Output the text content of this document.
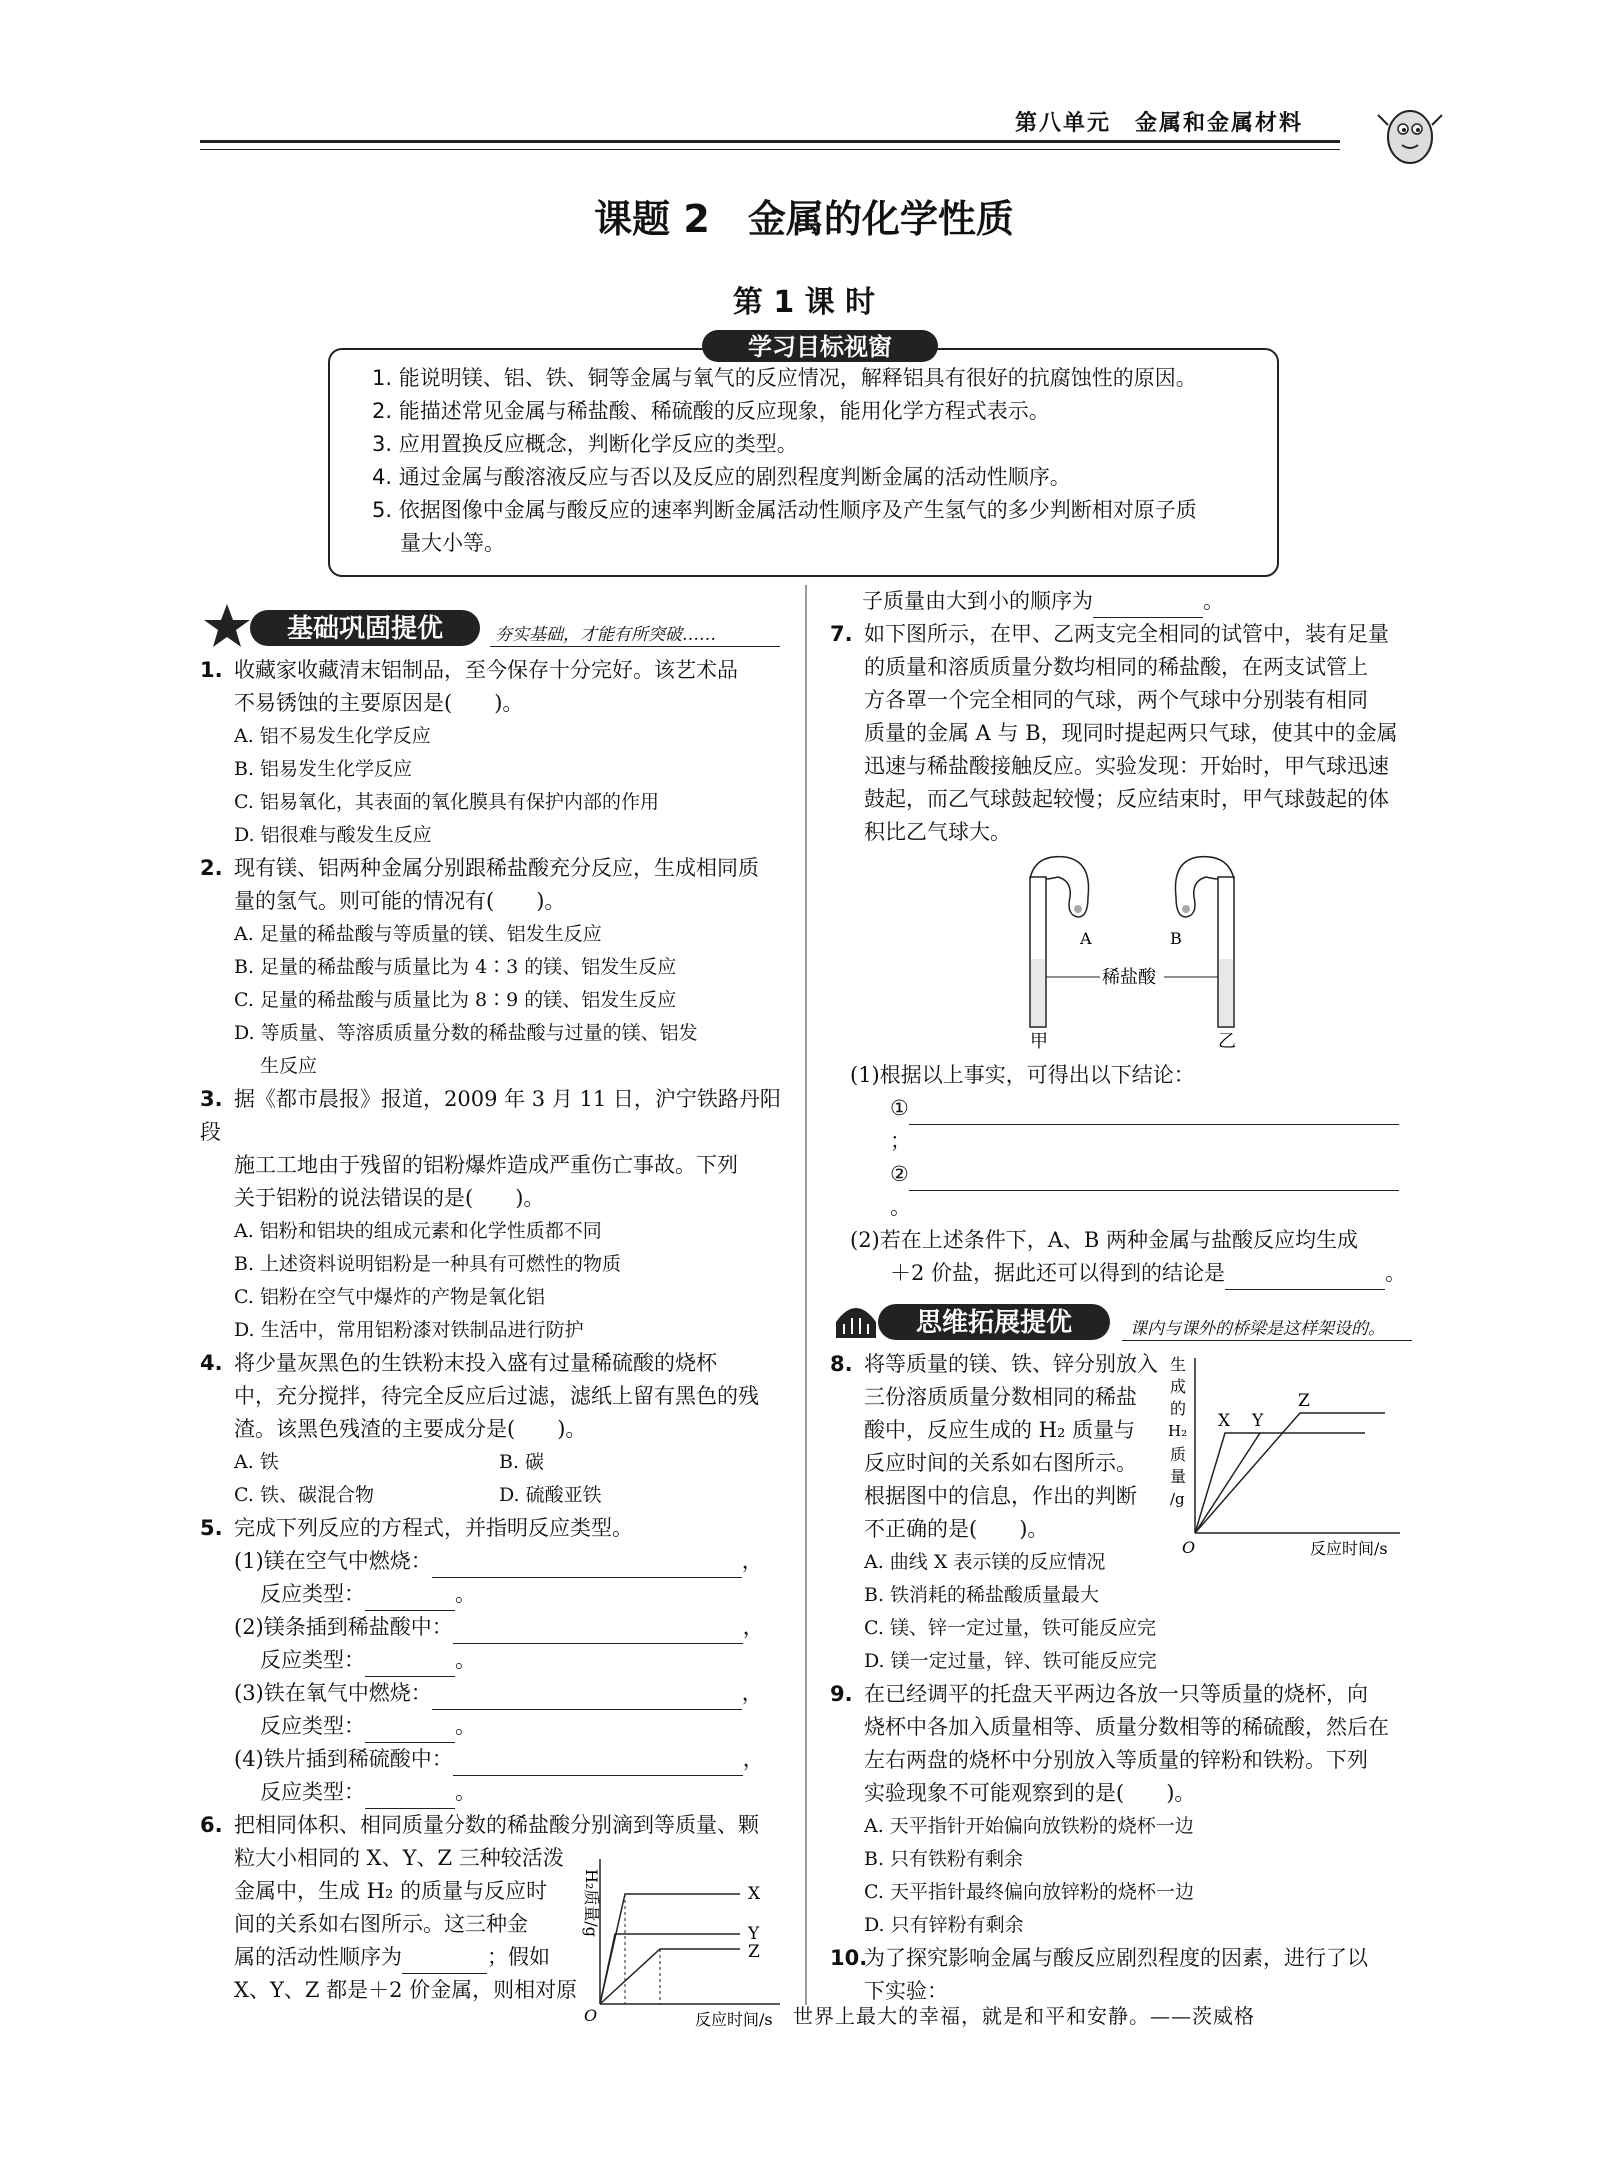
第八单元　金属和金属材料
课题 2　金属的化学性质
第 1 课 时
学习目标视窗
1. 能说明镁、铝、铁、铜等金属与氧气的反应情况，解释铝具有很好的抗腐蚀性的原因。
2. 能描述常见金属与稀盐酸、稀硫酸的反应现象，能用化学方程式表示。
3. 应用置换反应概念，判断化学反应的类型。
4. 通过金属与酸溶液反应与否以及反应的剧烈程度判断金属的活动性顺序。
5. 依据图像中金属与酸反应的速率判断金属活动性顺序及产生氢气的多少判断相对原子质
量大小等。
基础巩固提优	夯实基础，才能有所突破……
1. 收藏家收藏清末铝制品，至今保存十分完好。该艺术品
不易锈蚀的主要原因是(　　)。
A. 铝不易发生化学反应
B. 铝易发生化学反应
C. 铝易氧化，其表面的氧化膜具有保护内部的作用
D. 铝很难与酸发生反应
2. 现有镁、铝两种金属分别跟稀盐酸充分反应，生成相同质
量的氢气。则可能的情况有(　　)。
A. 足量的稀盐酸与等质量的镁、铝发生反应
B. 足量的稀盐酸与质量比为 4∶3 的镁、铝发生反应
C. 足量的稀盐酸与质量比为 8∶9 的镁、铝发生反应
D. 等质量、等溶质质量分数的稀盐酸与过量的镁、铝发
生反应
3. 据《都市晨报》报道，2009 年 3 月 11 日，沪宁铁路丹阳段
施工工地由于残留的铝粉爆炸造成严重伤亡事故。下列
关于铝粉的说法错误的是(　　)。
A. 铝粉和铝块的组成元素和化学性质都不同
B. 上述资料说明铝粉是一种具有可燃性的物质
C. 铝粉在空气中爆炸的产物是氧化铝
D. 生活中，常用铝粉漆对铁制品进行防护
4. 将少量灰黑色的生铁粉末投入盛有过量稀硫酸的烧杯
中，充分搅拌，待完全反应后过滤，滤纸上留有黑色的残
渣。该黑色残渣的主要成分是(　　)。
A. 铁	B. 碳
C. 铁、碳混合物	D. 硫酸亚铁
5. 完成下列反应的方程式，并指明反应类型。
(1)镁在空气中燃烧：	，
反应类型：	。
(2)镁条插到稀盐酸中：	，
反应类型：	。
(3)铁在氧气中燃烧：	，
反应类型：	。
(4)铁片插到稀硫酸中：	，
反应类型：	。
6. 把相同体积、相同质量分数的稀盐酸分别滴到等质量、颗
粒大小相同的 X、Y、Z 三种较活泼
金属中，生成 H₂ 的质量与反应时
间的关系如右图所示。这三种金
属的活动性顺序为	；假如
X、Y、Z 都是＋2 价金属，则相对原
O
H₂质量/g
反应时间/s
X
Y
Z
子质量由大到小的顺序为	。
7. 如下图所示，在甲、乙两支完全相同的试管中，装有足量
的质量和溶质质量分数均相同的稀盐酸，在两支试管上
方各罩一个完全相同的气球，两个气球中分别装有相同
质量的金属 A 与 B，现同时提起两只气球，使其中的金属
迅速与稀盐酸接触反应。实验发现：开始时，甲气球迅速
鼓起，而乙气球鼓起较慢；反应结束时，甲气球鼓起的体
积比乙气球大。
A	B
稀盐酸
甲	乙
(1)根据以上事实，可得出以下结论：
①；
②。
(2)若在上述条件下，A、B 两种金属与盐酸反应均生成
＋2 价盐，据此还可以得到的结论是	。
思维拓展提优	课内与课外的桥梁是这样架设的。
8. 将等质量的镁、铁、锌分别放入
三份溶质质量分数相同的稀盐
酸中，反应生成的 H₂ 质量与
反应时间的关系如右图所示。
根据图中的信息，作出的判断
不正确的是(　　)。
A. 曲线 X 表示镁的反应情况
B. 铁消耗的稀盐酸质量最大
C. 镁、锌一定过量，铁可能反应完
D. 镁一定过量，锌、铁可能反应完
O
生
成
的
H₂
质
量
/g
反应时间/s
X Y
Z
9. 在已经调平的托盘天平两边各放一只等质量的烧杯，向
烧杯中各加入质量相等、质量分数相等的稀硫酸，然后在
左右两盘的烧杯中分别放入等质量的锌粉和铁粉。下列
实验现象不可能观察到的是(　　)。
A. 天平指针开始偏向放铁粉的烧杯一边
B. 只有铁粉有剩余
C. 天平指针最终偏向放锌粉的烧杯一边
D. 只有锌粉有剩余
10.为了探究影响金属与酸反应剧烈程度的因素，进行了以
下实验：
世界上最大的幸福，就是和平和安静。——茨威格
